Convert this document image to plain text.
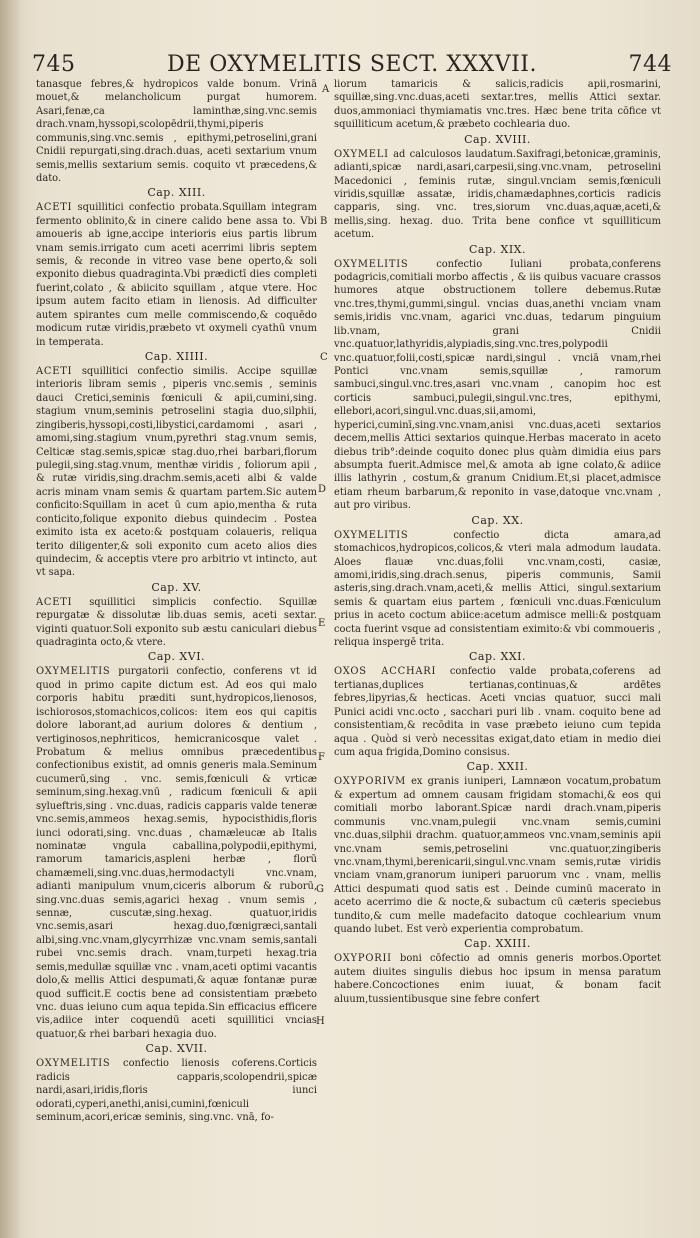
745	DE OXYMELITIS SECT. XXXVII.	744

tanasque febres,& hydropicos valde bonum. Vrinā mouet,& melancholicum purgat humorem. Asari,fenæ,ca laminthæ,sing.vnc.semis drach.vnam,hyssopi,scolopēdrii,thymi,piperis communis,sing.vnc.semis , epithymi,petroselini,grani Cnidii repurgati,sing.drach.duas, aceti sextarium vnum semis,mellis sextarium semis. coquito vt præcedens,& dato.

Cap. XIII.

ACETI squillitici confectio probata.Squillam integram fermento oblinito,& in cinere calido bene assa to. Vbi amoueris ab igne,accipe interioris eius partis librum vnam semis.irrigato cum aceti acerrimi libris septem semis, & reconde in vitreo vase bene operto,& soli exponito diebus quadraginta.Vbi prædictī dies completi fuerint,colato , & abiicito squillam , atque vtere. Hoc ipsum autem facito etiam in lienosis. Ad difficulter autem spirantes cum melle commiscendo,& coquēdo modicum rutæ viridis,præbeto vt oxymeli cyathū vnum in temperata.

Cap. XIIII.

ACETI squillitici confectio similis. Accipe squillæ interioris libram semis , piperis vnc.semis , seminis dauci Cretici,seminis fœniculi & apii,cumini,sing. stagium vnum,seminis petroselini stagia duo,silphii, zingiberis,hyssopi,costi,libystici,cardamomi , asari , amomi,sing.stagium vnum,pyrethri stag.vnum semis, Celticæ stag.semis,spicæ stag.duo,rhei barbari,florum pulegii,sing.stag.vnum, menthæ viridis , foliorum apii , & rutæ viridis,sing.drachm.semis,aceti albi & valde acris minam vnam semis & quartam partem.Sic autem conficito:Squillam in acet ū cum apio,mentha & ruta conticito,folique exponito diebus quindecim . Postea eximito ista ex aceto:& postquam colaueris, reliqua terito diligenter,& soli exponito cum aceto alios dies quindecim, & acceptis vtere pro arbitrio vt intincto, aut vt sapa.

Cap. XV.

ACETI squillitici simplicis confectio. Squillæ repurgatæ & dissolutæ lib.duas semis, aceti sextar. viginti quatuor.Soli exponito sub æstu caniculari diebus quadraginta octo,& vtere.

Cap. XVI.

OXYMELITIS purgatorii confectio, conferens vt id quod in primo capite dictum est. Ad eos qui malo corporis habitu præditi sunt,hydropicos,lienosos, ischiorosos,stomachicos,colicos: item eos qui capitis dolore laborant,ad aurium dolores & dentium , vertiginosos,nephriticos, hemicranicosque valet . Probatum & melius omnibus præcedentibus confectionibus existit, ad omnis generis mala.Seminum cucumerū,sing . vnc. semis,fœniculi & vrticæ seminum,sing.hexag.vnū , radicum fœniculi & apii sylueftris,sing . vnc.duas, radicis capparis valde teneræ vnc.semis,ammeos hexag.semis, hypocisthidis,floris iunci odorati,sing. vnc.duas , chamæleucæ ab Italis nominatæ vngula caballina,polypodii,epithymi, ramorum tamaricis,aspleni herbæ , florū chamæmeli,sing.vnc.duas,hermodactyli vnc.vnam, adianti manipulum vnum,ciceris alborum & ruborū, sing.vnc.duas semis,agarici hexag . vnum semis , sennæ, cuscutæ,sing.hexag. quatuor,iridis vnc.semis,asari hexag.duo,fœnigræci,santali albi,sing.vnc.vnam,glycyrrhizæ vnc.vnam semis,santali rubei vnc.semis drach. vnam,turpeti hexag.tria semis,medullæ squillæ vnc . vnam,aceti optimi vacantis dolo,& mellis Attici despumati,& aquæ fontanæ puræ quod sufficit.E coctis bene ad consistentiam præbeto vnc. duas ieiuno cum aqua tepida.Sin efficacius efficere vis,adiice inter coquendū aceti squillitici vncias quatuor,& rhei barbari hexagia duo.

Cap. XVII.

OXYMELITIS confectio lienosis coferens.Corticis radicis capparis,scolopendrii,spicæ nardi,asari,iridis,floris iunci odorati,cyperi,anethi,anisi,cumini,fœniculi seminum,acori,ericæ seminis, sing.vnc. vnā, fo-

liorum tamaricis & salicis,radicis apii,rosmarini, squillæ,sing.vnc.duas,aceti sextar.tres, mellis Attici sextar. duos,ammoniaci thymiamatis vnc.tres. Hæc bene trita cōfice vt squilliticum acetum,& præbeto cochlearia duo.

Cap. XVIII.

OXYMELI ad calculosos laudatum.Saxifragi,betonicæ,graminis, adianti,spicæ nardi,asari,carpesii,sing.vnc.vnam, petroselini Macedonici , feminis rutæ, singul.vnciam semis,fœniculi viridis,squillæ assatæ, iridis,chamædaphnes,corticis radicis capparis, sing. vnc. tres,siorum vnc.duas,aquæ,aceti,& mellis,sing. hexag. duo. Trita bene confice vt squilliticum acetum.

Cap. XIX.

OXYMELITIS confectio Iuliani probata,conferens podagricis,comitiali morbo affectis , & iis quibus vacuare crassos humores atque obstructionem tollere debemus.Rutæ vnc.tres,thymi,gummi,singul. vncias duas,anethi vnciam vnam semis,iridis vnc.vnam, agarici vnc.duas, tedarum pinguium lib.vnam, grani Cnidii vnc.quatuor,lathyridis,alypiadis,sing.vnc.tres,polypodii vnc.quatuor,folii,costi,spicæ nardi,singul . vnciā vnam,rhei Pontici vnc.vnam semis,squillæ , ramorum sambuci,singul.vnc.tres,asari vnc.vnam , canopim hoc est corticis sambuci,pulegii,singul.vnc.tres, epithymi, ellebori,acori,singul.vnc.duas,sii,amomi, hyperici,cuminī,sing.vnc.vnam,anisi vnc.duas,aceti sextarios decem,mellis Attici sextarios quinque.Herbas macerato in aceto diebus trib°:deinde coquito donec plus quàm dimidia eius pars absumpta fuerit.Admisce mel,& amota ab igne colato,& adiice illis lathyrin , costum,& granum Cnidium.Et,si placet,admisce etiam rheum barbarum,& reponito in vase,datoque vnc.vnam , aut pro viribus.

Cap. XX.

OXYMELITIS confectio dicta amara,ad stomachicos,hydropicos,colicos,& vteri mala admodum laudata. Aloes flauæ vnc.duas,folii vnc.vnam,costi, casiæ, amomi,iridis,sing.drach.senus, piperis communis, Samii asteris,sing.drach.vnam,aceti,& mellis Attici, singul.sextarium semis & quartam eius partem , fœniculi vnc.duas.Fœniculum prius in aceto coctum abiice:acetum admisce melli:& postquam cocta fuerint vsque ad consistentiam eximito:& vbi commoueris , reliqua inspergē trita.

Cap. XXI.

OXOS ACCHARI confectio valde probata,coferens ad tertianas,duplices tertianas,continuas,& ardētes febres,lipyrias,& hecticas. Aceti vncias quatuor, succi mali Punici acidi vnc.octo , sacchari puri lib . vnam. coquito bene ad consistentiam,& recōdita in vase præbeto ieiuno cum tepida aqua . Quòd si verò necessitas exigat,dato etiam in medio diei cum aqua frigida,Domino consisus.

Cap. XXII.

OXYPORIVM ex granis iuniperi, Lamnæon vocatum,probatum & expertum ad omnem causam frigidam stomachi,& eos qui comitiali morbo laborant.Spicæ nardi drach.vnam,piperis communis vnc.vnam,pulegii vnc.vnam semis,cumini vnc.duas,silphii drachm. quatuor,ammeos vnc.vnam,seminis apii vnc.vnam semis,petroselini vnc.quatuor,zingiberis vnc.vnam,thymi,berenicarii,singul.vnc.vnam semis,rutæ viridis vnciam vnam,granorum iuniperi paruorum vnc . vnam, mellis Attici despumati quod satis est . Deinde cuminū macerato in aceto acerrimo die & nocte,& subactum cū cæteris speciebus tundito,& cum melle madefacito datoque cochlearium vnum quando lubet. Est verò experientia comprobatum.

Cap. XXIII.

OXYPORII boni cōfectio ad omnis generis morbos.Oportet autem diuites singulis diebus hoc ipsum in mensa paratum habere.Concoctiones enim iuuat, & bonam facit aluum,tussientibusque sine febre confert

A
B
C
D
E
F
G
H
